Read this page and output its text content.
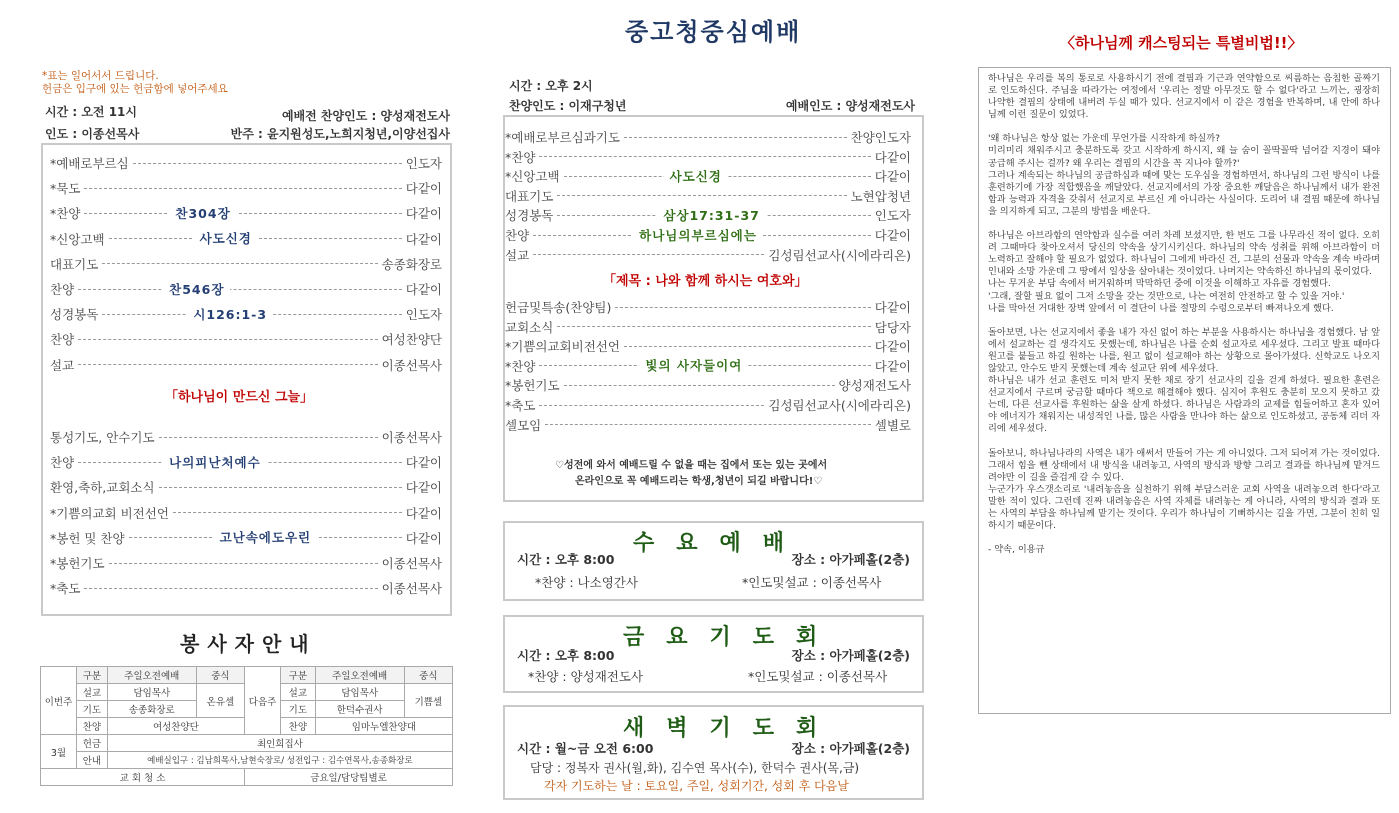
중고청중심예배
*표는 일어서서 드립니다.
헌금은 입구에 있는 헌금함에 넣어주세요
시간 : 오전 11시	예배전 찬양인도 : 양성재전도사
인도 : 이종선목사	반주 : 윤지원성도,노희지청년,이양선집사
*예배로부르심	인도자
*묵도	다같이
*찬양	찬304장	다같이
*신앙고백	사도신경	다같이
대표기도	송종화장로
찬양	찬546장	다같이
성경봉독	시126:1-3	인도자
찬양	여성찬양단
설교	이종선목사
「하나님이 만드신 그늘」
통성기도, 안수기도	이종선목사
찬양	나의피난처예수	다같이
환영,축하,교회소식	다같이
*기쁨의교회 비전선언	다같이
*봉헌 및 찬양	고난속에도우린	다같이
*봉헌기도	이종선목사
*축도	이종선목사
봉사자안내
이번주	구분	주일오전예배	중식	다음주	구분	주일오전예배	중식
	설교	담임목사	온유셀		설교	담임목사	기쁨셀
	기도	송종화장로			기도	한덕수권사	
	찬양	여성찬양단			찬양	임마누엘찬양대	
3월	헌금	최인희집사					
	안내	예배실입구 : 김남희목사,남현숙장로/ 성전입구 : 김수연목사,송종화장로					
교 회 청 소				금요일/담당팀별로			
시간 : 오후 2시
찬양인도 : 이재구청년	예배인도 : 양성재전도사
*예배로부르심과기도	찬양인도자
*찬양	다같이
*신앙고백	사도신경	다같이
대표기도	노현압청년
성경봉독	삼상17:31-37	인도자
찬양	하나님의부르심에는	다같이
설교	김성림선교사(시에라리온)
「제목 : 나와 함께 하시는 여호와」
헌금및특송(찬양팀)	다같이
교회소식	담당자
*기쁨의교회비전선언	다같이
*찬양	빛의 사자들이여	다같이
*봉헌기도	양성재전도사
*축도	김성림선교사(시에라리온)
셀모임	셀별로
♡성전에 와서 예배드릴 수 없을 때는 집에서 또는 있는 곳에서
온라인으로 꼭 예배드리는 학생,청년이 되길 바랍니다!♡
수요예배
시간 : 오후 8:00	장소 : 아가페홀(2층)
*찬양 : 나소영간사	*인도및설교 : 이종선목사
금요기도회
시간 : 오후 8:00	장소 : 아가페홀(2층)
*찬양 : 양성재전도사	*인도및설교 : 이종선목사
새벽기도회
시간 : 월~금 오전 6:00	장소 : 아가페홀(2층)
담당 : 정복자 권사(월,화), 김수연 목사(수), 한덕수 권사(목,금)
각자 기도하는 날 : 토요일, 주일, 성회기간, 성회 후 다음날
〈하나님께 캐스팅되는 특별비법!!〉

하나님은 우리를 복의 통로로 사용하시기 전에 결핍과 기근과 연약함으로 씨름하는 음침한 골짜기로 인도하신다. 주님을 따라가는 여정에서 '우리는 정말 아무것도 할 수 없다'라고 느끼는, 굉장히 나약한 결핍의 상태에 내버려 두실 때가 있다. 선교지에서 이 같은 경험을 반복하며, 내 안에 하나님께 이런 질문이 있었다.

'왜 하나님은 항상 없는 가운데 무언가를 시작하게 하실까?
미리미리 채워주시고 충분하도록 갖고 시작하게 하시지, 왜 늘 숨이 꼴딱꼴딱 넘어갈 지경이 돼야 공급해 주시는 걸까? 왜 우리는 결핍의 시간을 꼭 지나야 할까?'
그러나 계속되는 하나님의 공급하심과 때에 맞는 도우심을 경험하면서, 하나님의 그런 방식이 나를 훈련하기에 가장 적합했음을 깨달았다. 선교지에서의 가장 중요한 깨달음은 하나님께서 내가 완전함과 능력과 자격을 갖춰서 선교지로 부르신 게 아니라는 사실이다. 도리어 내 결핍 때문에 하나님을 의지하게 되고, 그분의 방법을 배운다.

하나님은 아브라함의 연약함과 실수를 여러 차례 보셨지만, 한 번도 그를 나무라신 적이 없다. 오히려 그때마다 찾아오셔서 당신의 약속을 상기시키신다. 하나님의 약속 성취를 위해 아브라함이 더 노력하고 잘해야 할 필요가 없었다. 하나님이 그에게 바라신 건, 그분의 선물과 약속을 계속 바라며 인내와 소망 가운데 그 땅에서 일상을 살아내는 것이었다. 나머지는 약속하신 하나님의 몫이었다.
나는 무거운 부담 속에서 버거워하며 막막하던 중에 이것을 이해하고 자유를 경험했다.
'그래, 잘할 필요 없이 그저 소망을 갖는 것만으로, 나는 여전히 안전하고 할 수 있을 거야.'
나를 막아선 거대한 장벽 앞에서 이 결단이 나를 절망의 수렁으로부터 빠져나오게 했다.

돌아보면, 나는 선교지에서 좋을 내가 자신 없어 하는 부분을 사용하시는 하나님을 경험했다. 남 앞에서 설교하는 걸 생각지도 못했는데, 하나님은 나를 순회 설교자로 세우셨다. 그리고 발표 때마다 원고를 붙들고 하길 원하는 나를, 원고 없이 설교해야 하는 상황으로 몰아가셨다. 신학교도 나오지 않았고, 안수도 받지 못했는데 계속 설교단 위에 세우셨다.
하나님은 내가 선교 훈련도 미처 받지 못한 채로 장기 선교사의 길을 걷게 하셨다. 필요한 훈련은 선교지에서 구르며 궁금할 때마다 책으로 해결해야 했다. 심지어 후원도 충분히 모으지 못하고 갔는데, 다른 선교사를 후원하는 삶을 살게 하셨다. 하나님은 사람과의 교제를 힘들어하고 혼자 있어야 에너지가 채워지는 내성적인 나를, 많은 사람을 만나야 하는 삶으로 인도하셨고, 공동체 리더 자리에 세우셨다.

돌아보니, 하나님나라의 사역은 내가 애써서 만들어 가는 게 아니었다. 그저 되어져 가는 것이었다. 그래서 힘을 뺀 상태에서 내 방식을 내려놓고, 사역의 방식과 방향 그리고 결과를 하나님께 맡겨드려야만 이 길을 즐겁게 갈 수 있다.
누군가가 우스갯소리로 '내려놓음을 실천하기 위해 부담스러운 교회 사역을 내려놓으려 한다'라고 말한 적이 있다. 그런데 진짜 내려놓음은 사역 자체를 내려놓는 게 아니라, 사역의 방식과 결과 또는 사역의 부담을 하나님께 맡기는 것이다. 우리가 하나님이 기뻐하시는 길을 가면, 그분이 친히 일하시기 때문이다.

- 약속, 이용규
